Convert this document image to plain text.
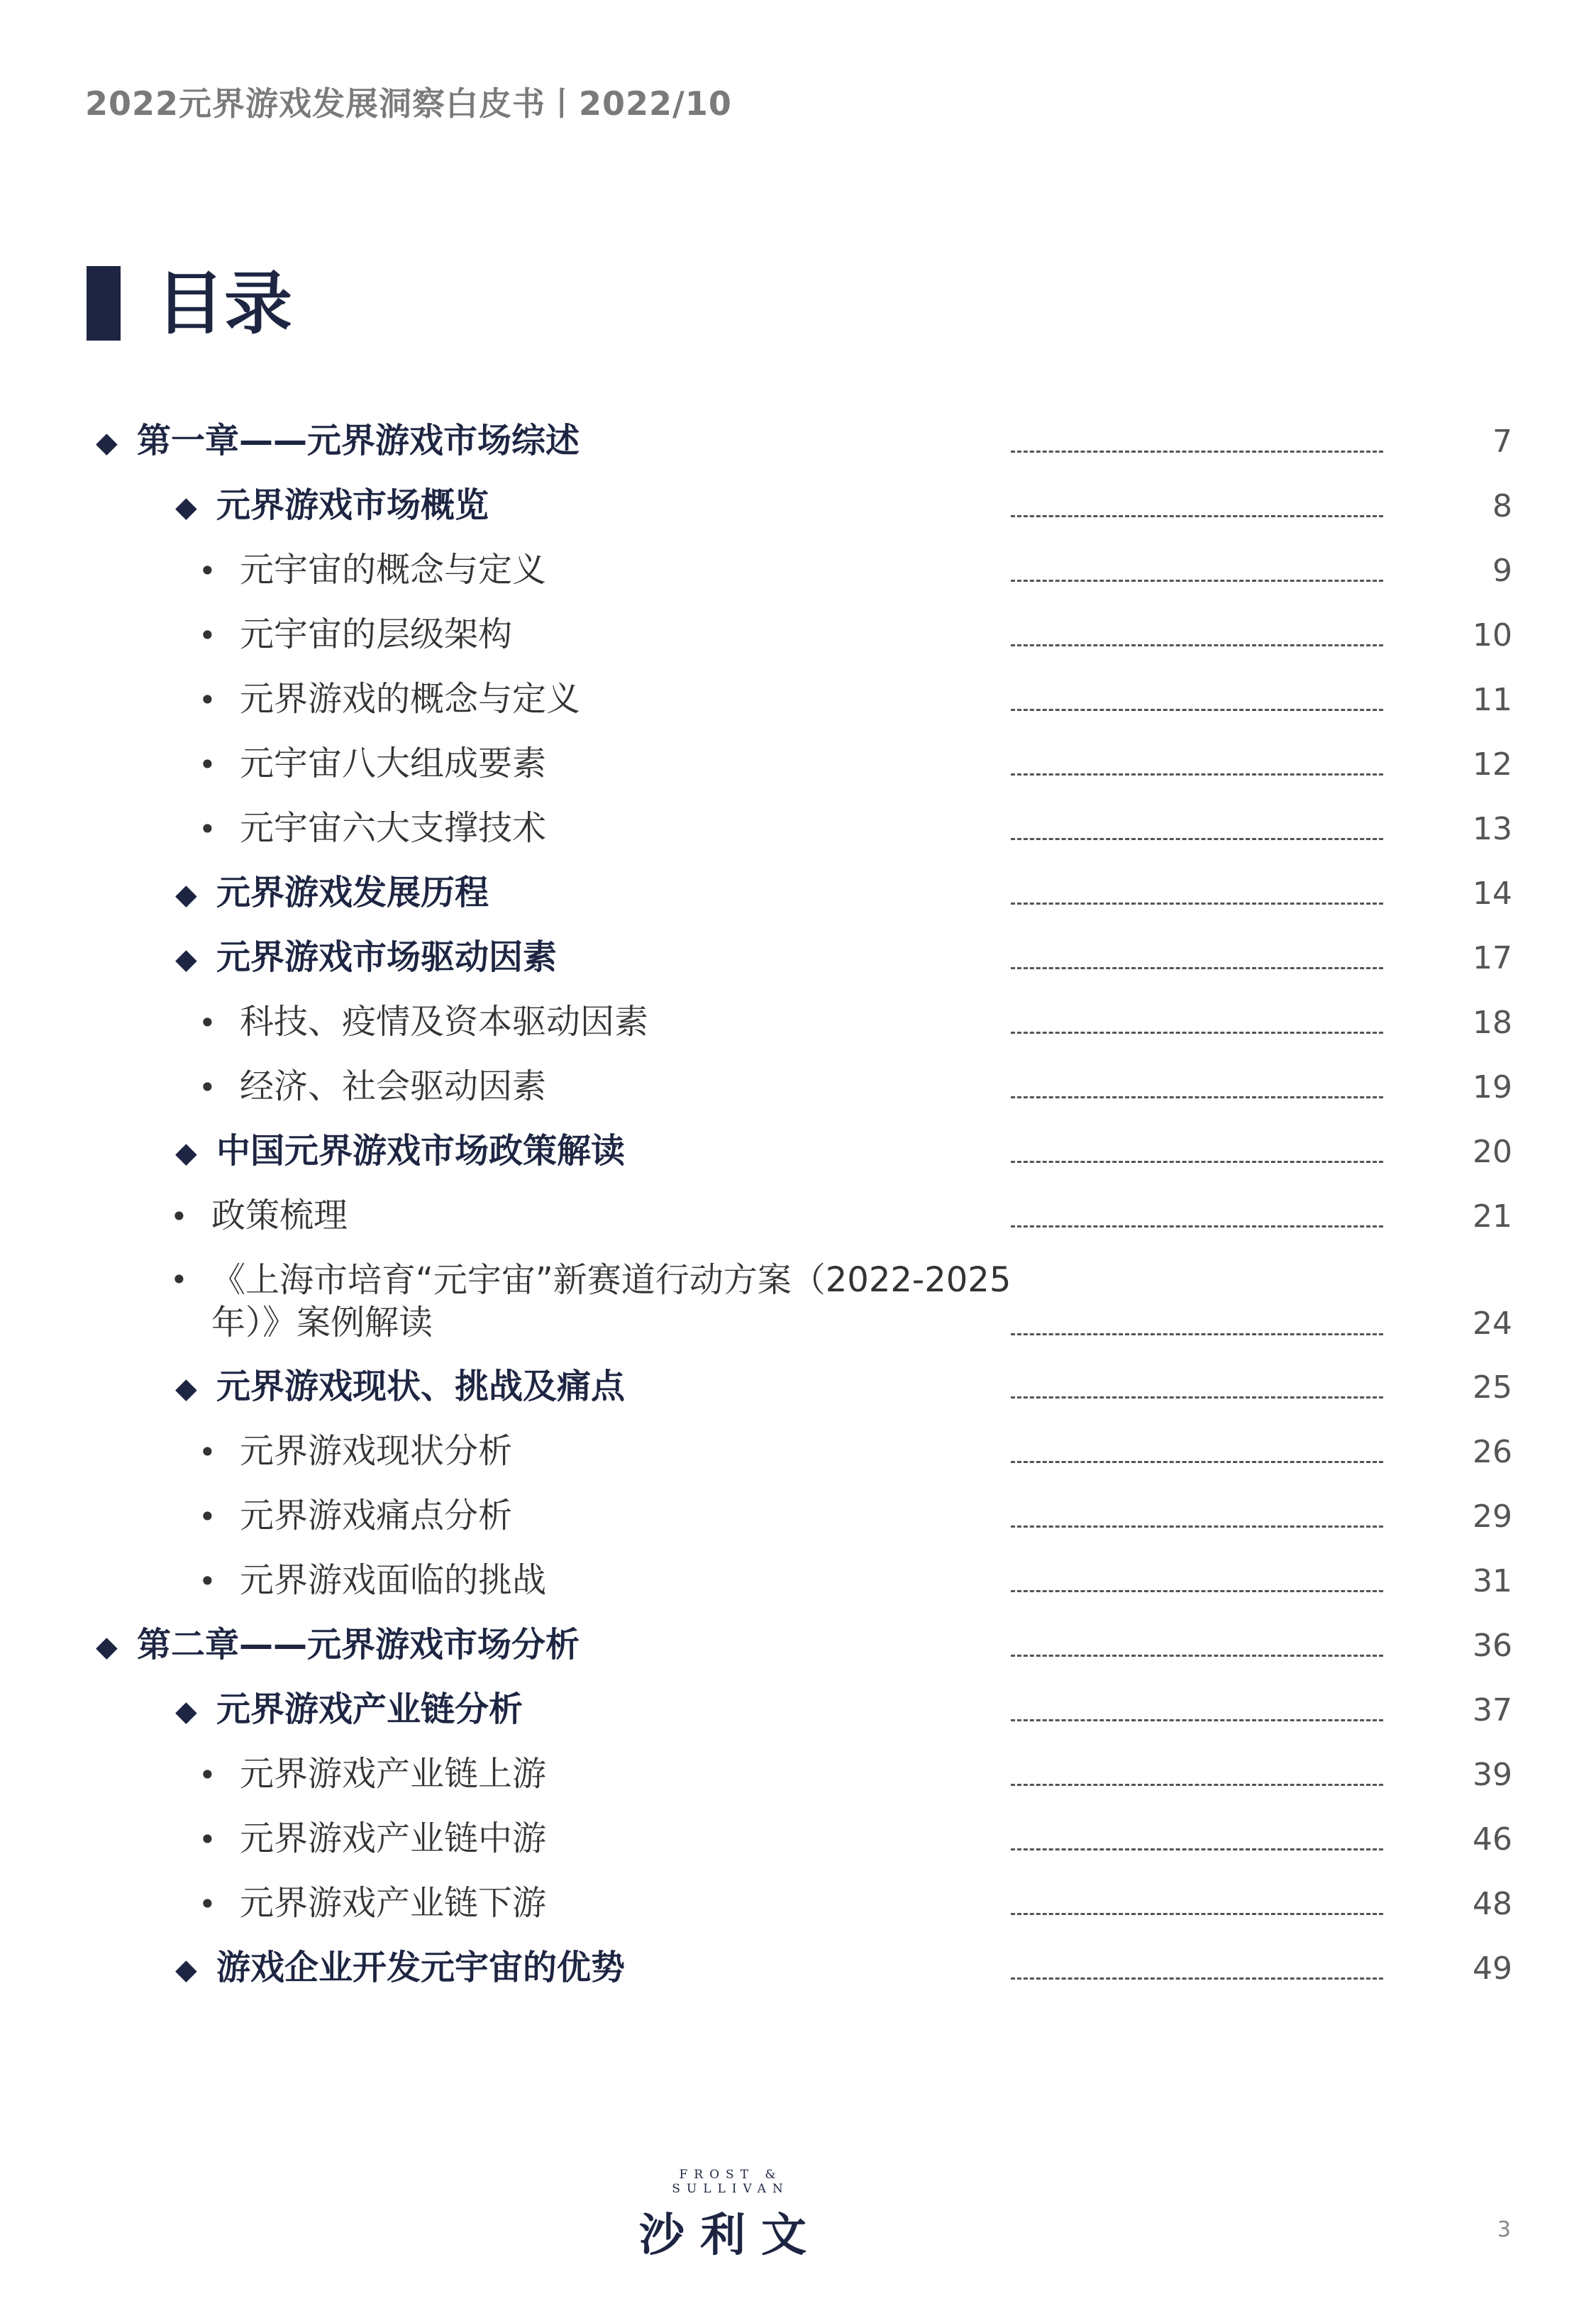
2022元界游戏发展洞察白皮书丨2022/10
目录
◆ 第一章——元界游戏市场综述	7
◆ 元界游戏市场概览	8
• 元宇宙的概念与定义	9
• 元宇宙的层级架构	10
• 元界游戏的概念与定义	11
• 元宇宙八大组成要素	12
• 元宇宙六大支撑技术	13
◆ 元界游戏发展历程	14
◆ 元界游戏市场驱动因素	17
• 科技、疫情及资本驱动因素	18
• 经济、社会驱动因素	19
◆ 中国元界游戏市场政策解读	20
• 政策梳理	21
• 《上海市培育“元宇宙”新赛道行动方案（2022-2025年）》案例解读	24
◆ 元界游戏现状、挑战及痛点	25
• 元界游戏现状分析	26
• 元界游戏痛点分析	29
• 元界游戏面临的挑战	31
◆ 第二章——元界游戏市场分析	36
◆ 元界游戏产业链分析	37
• 元界游戏产业链上游	39
• 元界游戏产业链中游	46
• 元界游戏产业链下游	48
◆ 游戏企业开发元宇宙的优势	49
FROST & SULLIVAN
沙利文	3
